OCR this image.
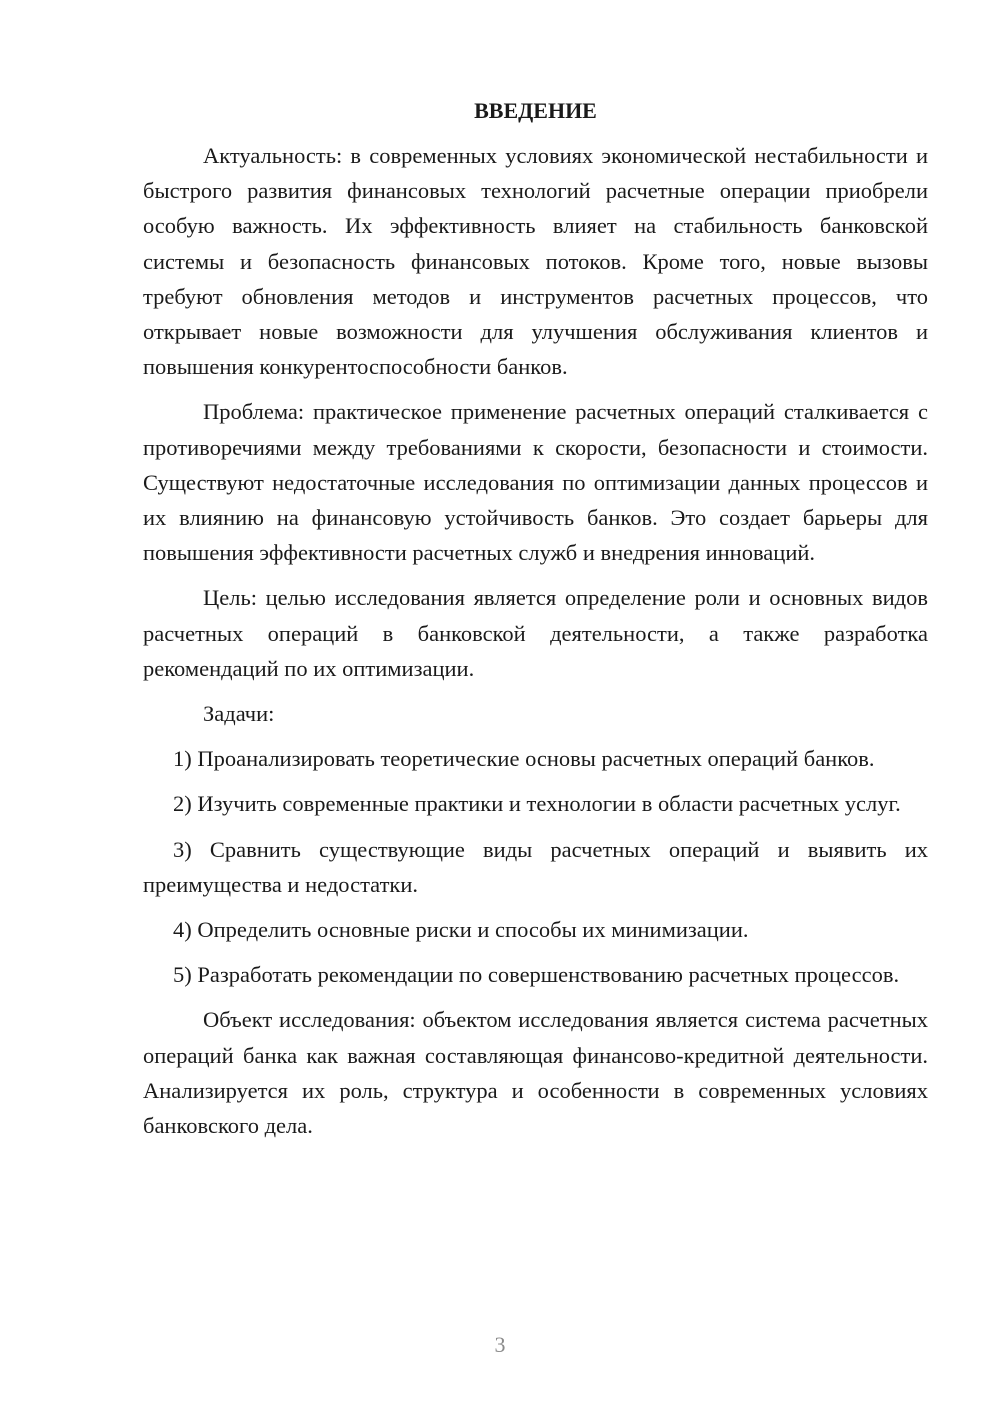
ВВЕДЕНИЕ

Актуальность: в современных условиях экономической нестабильности и быстрого развития финансовых технологий расчетные операции приобрели особую важность. Их эффективность влияет на стабильность банковской системы и безопасность финансовых потоков. Кроме того, новые вызовы требуют обновления методов и инструментов расчетных процессов, что открывает новые возможности для улучшения обслуживания клиентов и повышения конкурентоспособности банков.

Проблема: практическое применение расчетных операций сталкивается с противоречиями между требованиями к скорости, безопасности и стоимости. Существуют недостаточные исследования по оптимизации данных процессов и их влиянию на финансовую устойчивость банков. Это создает барьеры для повышения эффективности расчетных служб и внедрения инноваций.

Цель: целью исследования является определение роли и основных видов расчетных операций в банковской деятельности, а также разработка рекомендаций по их оптимизации.

Задачи:

1) Проанализировать теоретические основы расчетных операций банков.

2) Изучить современные практики и технологии в области расчетных услуг.

3) Сравнить существующие виды расчетных операций и выявить их преимущества и недостатки.

4) Определить основные риски и способы их минимизации.

5) Разработать рекомендации по совершенствованию расчетных процессов.

Объект исследования: объектом исследования является система расчетных операций банка как важная составляющая финансово-кредитной деятельности. Анализируется их роль, структура и особенности в современных условиях банковского дела.

3
